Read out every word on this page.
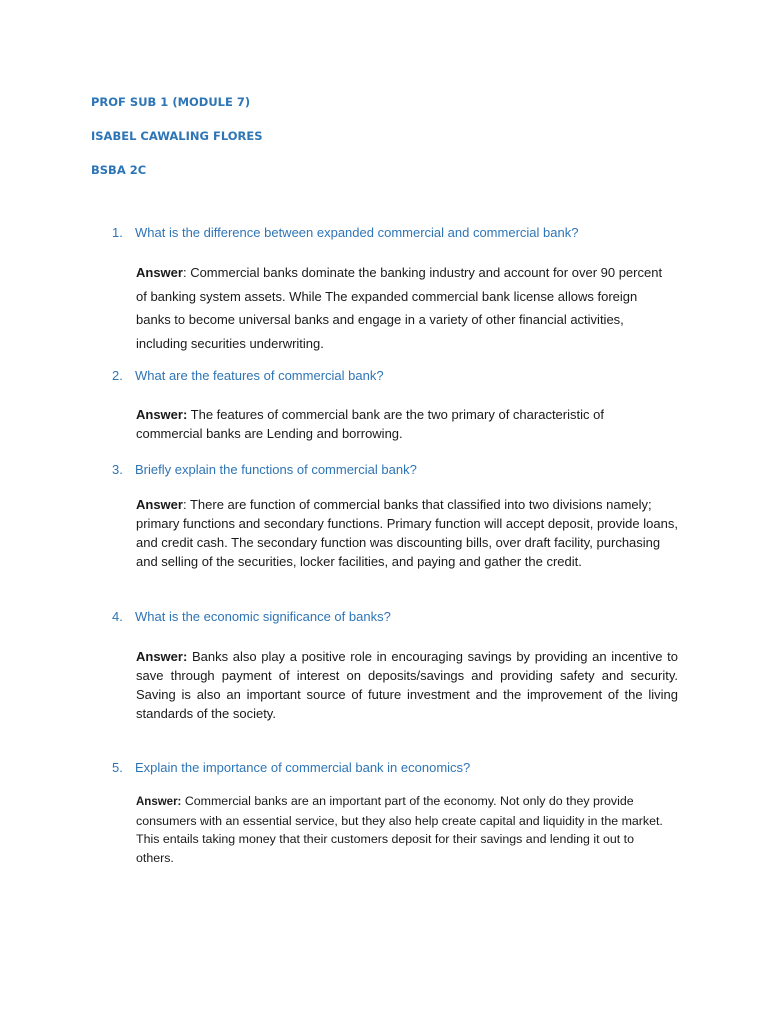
PROF SUB 1 (MODULE 7)
ISABEL CAWALING FLORES
BSBA 2C
1. What is the difference between expanded commercial and commercial bank?
Answer: Commercial banks dominate the banking industry and account for over 90 percent of banking system assets. While The expanded commercial bank license allows foreign banks to become universal banks and engage in a variety of other financial activities, including securities underwriting.
2. What are the features of commercial bank?
Answer: The features of commercial bank are the two primary of characteristic of commercial banks are Lending and borrowing.
3. Briefly explain the functions of commercial bank?
Answer: There are function of commercial banks that classified into two divisions namely; primary functions and secondary functions. Primary function will accept deposit, provide loans, and credit cash. The secondary function was discounting bills, over draft facility, purchasing and selling of the securities, locker facilities, and paying and gather the credit.
4. What is the economic significance of banks?
Answer: Banks also play a positive role in encouraging savings by providing an incentive to save through payment of interest on deposits/savings and providing safety and security. Saving is also an important source of future investment and the improvement of the living standards of the society.
5. Explain the importance of commercial bank in economics?
Answer: Commercial banks are an important part of the economy. Not only do they provide consumers with an essential service, but they also help create capital and liquidity in the market. This entails taking money that their customers deposit for their savings and lending it out to others.
